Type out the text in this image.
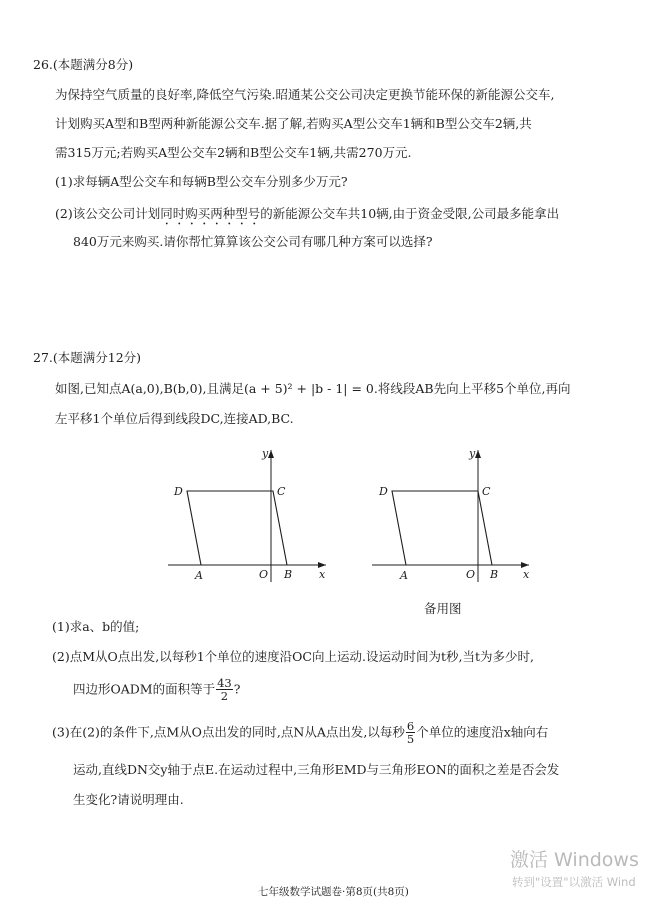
26.(本题满分8分)
为保持空气质量的良好率,降低空气污染.昭通某公交公司决定更换节能环保的新能源公交车,
计划购买A型和B型两种新能源公交车.据了解,若购买A型公交车1辆和B型公交车2辆,共
需315万元;若购买A型公交车2辆和B型公交车1辆,共需270万元.
(1)求每辆A型公交车和每辆B型公交车分别多少万元?
(2)该公交公司计划同时购买两种型号的新能源公交车共10辆,由于资金受限,公司最多能拿出
840万元来购买.请你帮忙算算该公交公司有哪几种方案可以选择?
27.(本题满分12分)
如图,已知点A(a,0),B(b,0),且满足(a + 5)² + |b - 1| = 0.将线段AB先向上平移5个单位,再向
左平移1个单位后得到线段DC,连接AD,BC.
D	C
A	O B x
y
D	C
A	O B x
y
备用图
(1)求a、b的值;
(2)点M从O点出发,以每秒1个单位的速度沿OC向上运动.设运动时间为t秒,当t为多少时,
四边形OADM的面积等于 $\frac{43}{2}$ ?
(3)在(2)的条件下,点M从O点出发的同时,点N从A点出发,以每秒 $\frac{6}{5}$ 个单位的速度沿x轴向右
运动,直线DN交y轴于点E.在运动过程中,三角形EMD与三角形EON的面积之差是否会发
生变化?请说明理由.
七年级数学试题卷·第8页(共8页)
激活 Windows
转到"设置"以激活 Wind
